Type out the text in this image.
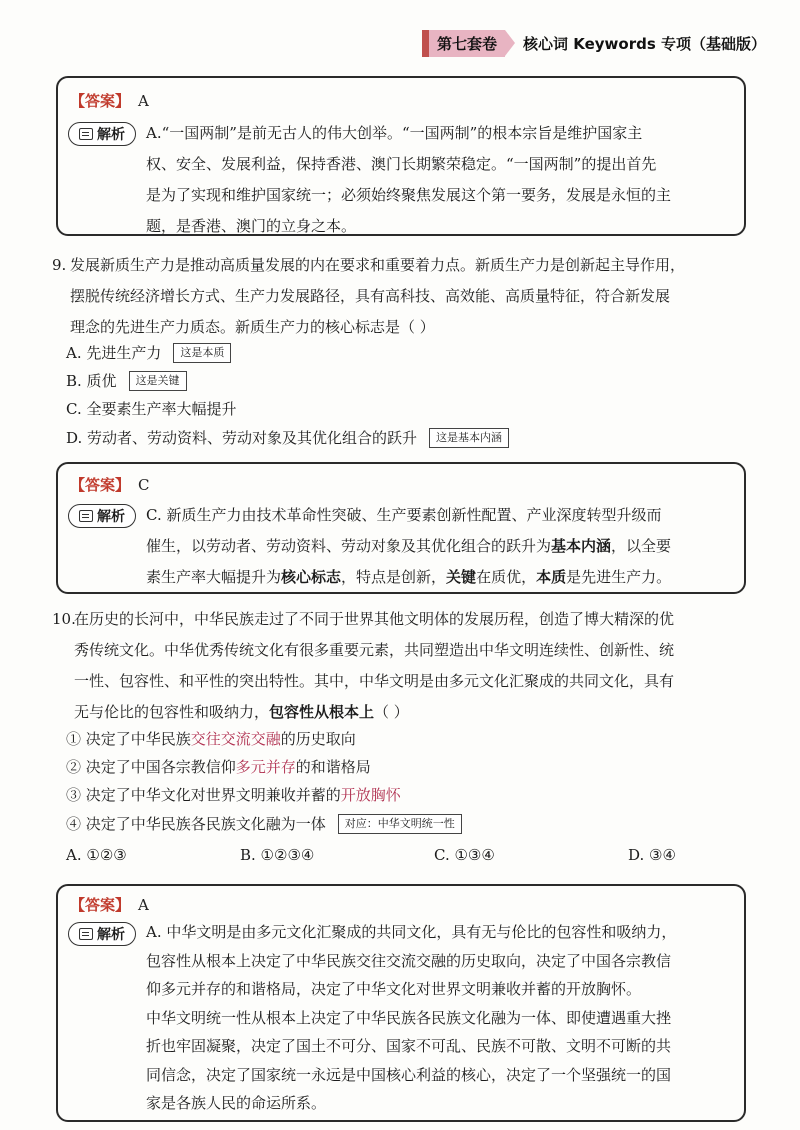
第七套卷	核心词 Keywords 专项（基础版）
【答案】 A
解析 A.“一国两制”是前无古人的伟大创举。“一国两制”的根本宗旨是维护国家主

权、安全、发展利益，保持香港、澳门长期繁荣稳定。“一国两制”的提出首先

是为了实现和维护国家统一；必须始终聚焦发展这个第一要务，发展是永恒的主

题，是香港、澳门的立身之本。

9. 发展新质生产力是推动高质量发展的内在要求和重要着力点。新质生产力是创新起主导作用，
摆脱传统经济增长方式、生产力发展路径，具有高科技、高效能、高质量特征，符合新发展
理念的先进生产力质态。新质生产力的核心标志是（ ）
A. 先进生产力 这是本质
B. 质优 这是关键
C. 全要素生产率大幅提升
D. 劳动者、劳动资料、劳动对象及其优化组合的跃升 这是基本内涵
【答案】 C
解析 C. 新质生产力由技术革命性突破、生产要素创新性配置、产业深度转型升级而

催生，以劳动者、劳动资料、劳动对象及其优化组合的跃升为基本内涵，以全要

素生产率大幅提升为核心标志，特点是创新，关键在质优，本质是先进生产力。

10.
在历史的长河中，中华民族走过了不同于世界其他文明体的发展历程，创造了博大精深的优
秀传统文化。中华优秀传统文化有很多重要元素，共同塑造出中华文明连续性、创新性、统
一性、包容性、和平性的突出特性。其中，中华文明是由多元文化汇聚成的共同文化，具有
无与伦比的包容性和吸纳力，包容性从根本上（ ）
① 决定了中华民族交往交流交融的历史取向
② 决定了中国各宗教信仰多元并存的和谐格局
③ 决定了中华文化对世界文明兼收并蓄的开放胸怀
④ 决定了中华民族各民族文化融为一体 对应：中华文明统一性
A. ①②③	B. ①②③④	C. ①③④	D. ③④
【答案】 A
解析 A. 中华文明是由多元文化汇聚成的共同文化，具有无与伦比的包容性和吸纳力，

包容性从根本上决定了中华民族交往交流交融的历史取向，决定了中国各宗教信

仰多元并存的和谐格局，决定了中华文化对世界文明兼收并蓄的开放胸怀。

中华文明统一性从根本上决定了中华民族各民族文化融为一体、即使遭遇重大挫

折也牢固凝聚，决定了国土不可分、国家不可乱、民族不可散、文明不可断的共

同信念，决定了国家统一永远是中国核心利益的核心，决定了一个坚强统一的国

家是各族人民的命运所系。
